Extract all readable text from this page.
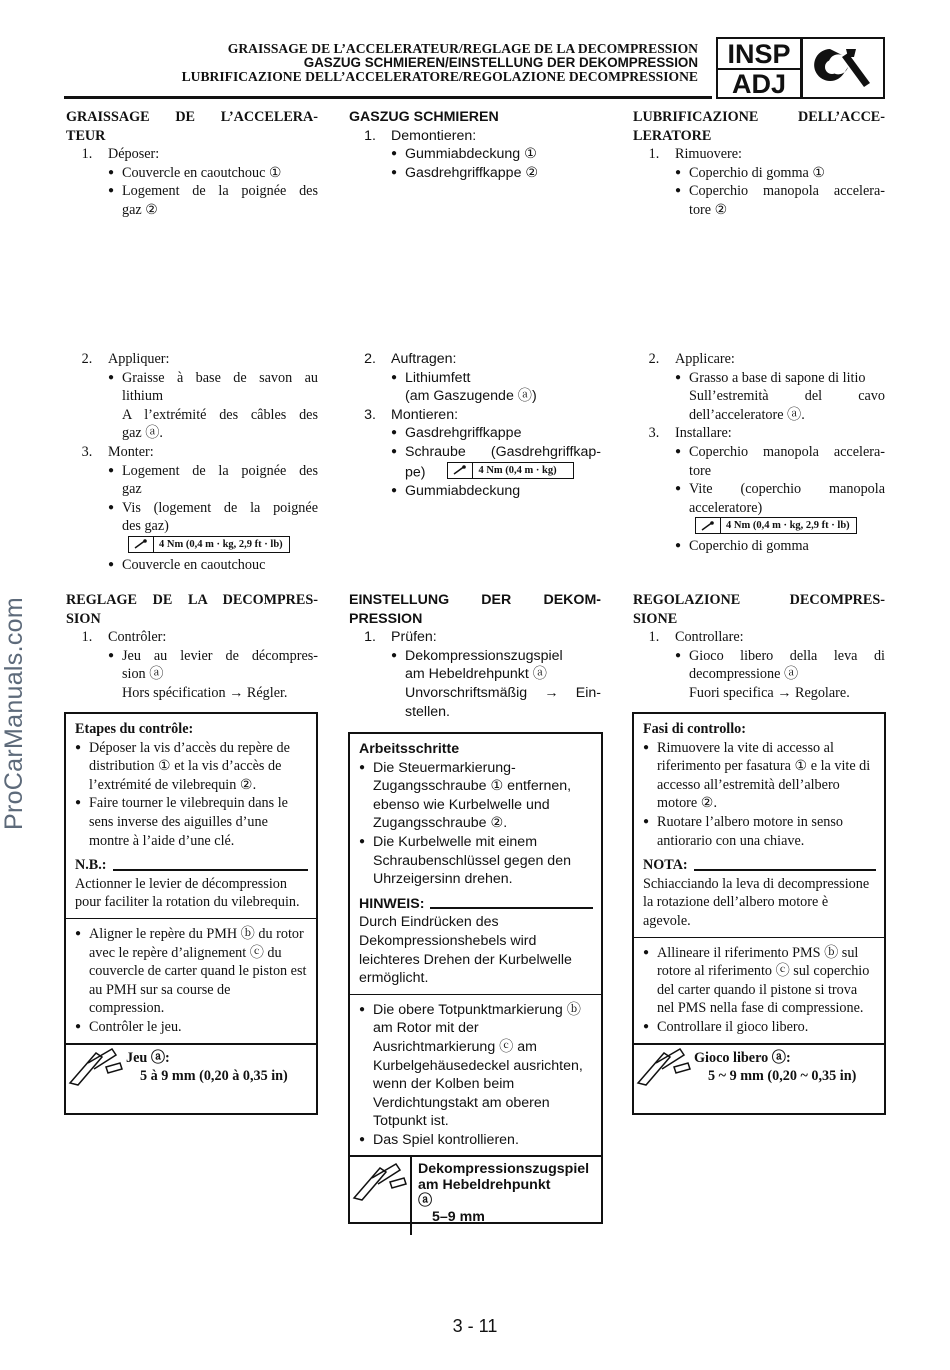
GRAISSAGE DE L’ACCELERATEUR/REGLAGE DE LA DECOMPRESSION
GASZUG SCHMIEREN/EINSTELLUNG DER DEKOMPRESSION
LUBRIFICAZIONE DELL’ACCELERATORE/REGOLAZIONE DECOMPRESSIONE
INSP
ADJ
ProCarManuals.com
GRAISSAGE DE L’ACCELERA-
TEUR
1.	Déposer:
● Couvercle en caoutchouc ①
● Logement de la poignée des
gaz ②
2.	Appliquer:
● Graisse à base de savon au
lithium
A l’extrémité des câbles des
gaz ⓐ.
3.	Monter:
● Logement de la poignée des
gaz
● Vis (logement de la poignée
des gaz)
4 Nm (0,4 m · kg, 2,9 ft · lb)
● Couvercle en caoutchouc
REGLAGE DE LA DECOMPRES-
SION
1.	Contrôler:
● Jeu au levier de décompres-
sion ⓐ
Hors spécification → Régler.
Etapes du contrôle:
● Déposer la vis d’accès du repère de distribution ① et la vis d’accès de l’extrémité de vilebrequin ②.
● Faire tourner le vilebrequin dans le sens inverse des aiguilles d’une montre à l’aide d’une clé.
N.B.:
Actionner le levier de décompression pour faciliter la rotation du vilebrequin.
● Aligner le repère du PMH ⓑ du rotor avec le repère d’alignement ⓒ du couvercle de carter quand le piston est au PMH sur sa course de compression.
● Contrôler le jeu.
Jeu ⓐ:
5 à 9 mm (0,20 à 0,35 in)
GASZUG SCHMIEREN
1.	Demontieren:
● Gummiabdeckung ①
● Gasdrehgriffkappe ②
2.	Auftragen:
● Lithiumfett
(am Gaszugende ⓐ)
3.	Montieren:
● Gasdrehgriffkappe
● Schraube (Gasdrehgriffkap-
pe)	4 Nm (0,4 m · kg)
● Gummiabdeckung
EINSTELLUNG DER DEKOM-
PRESSION
1.	Prüfen:
● Dekompressionszugspiel
am Hebeldrehpunkt ⓐ
Unvorschriftsmäßig → Ein-
stellen.
Arbeitsschritte
● Die Steuermarkierung-Zugangsschraube ① entfernen, ebenso wie Kurbelwelle und Zugangsschraube ②.
● Die Kurbelwelle mit einem Schraubenschlüssel gegen den Uhrzeigersinn drehen.
HINWEIS:
Durch Eindrücken des Dekompressionshebels wird leichteres Drehen der Kurbelwelle ermöglicht.
● Die obere Totpunktmarkierung ⓑ am Rotor mit der Ausrichtmarkierung ⓒ am Kurbelgehäusedeckel ausrichten, wenn der Kolben beim Verdichtungstakt am oberen Totpunkt ist.
● Das Spiel kontrollieren.
Dekompressionszugspiel am Hebeldrehpunkt ⓐ
5–9 mm
LUBRIFICAZIONE DELL’ACCE-
LERATORE
1.	Rimuovere:
● Coperchio di gomma ①
● Coperchio manopola accelera-
tore ②
2.	Applicare:
● Grasso a base di sapone di litio
Sull’estremità del cavo
dell’acceleratore ⓐ.
3.	Installare:
● Coperchio manopola accelera-
tore
● Vite (coperchio manopola
acceleratore)
4 Nm (0,4 m · kg, 2,9 ft · lb)
● Coperchio di gomma
REGOLAZIONE DECOMPRES-
SIONE
1.	Controllare:
● Gioco libero della leva di
decompressione ⓐ
Fuori specifica → Regolare.
Fasi di controllo:
● Rimuovere la vite di accesso al riferimento per fasatura ① e la vite di accesso all’estremità dell’albero motore ②.
● Ruotare l’albero motore in senso antiorario con una chiave.
NOTA:
Schiacciando la leva di decompressione la rotazione dell’albero motore è agevole.
● Allineare il riferimento PMS ⓑ sul rotore al riferimento ⓒ sul coperchio del carter quando il pistone si trova nel PMS nella fase di compressione.
● Controllare il gioco libero.
Gioco libero ⓐ:
5 ~ 9 mm (0,20 ~ 0,35 in)
3 - 11
